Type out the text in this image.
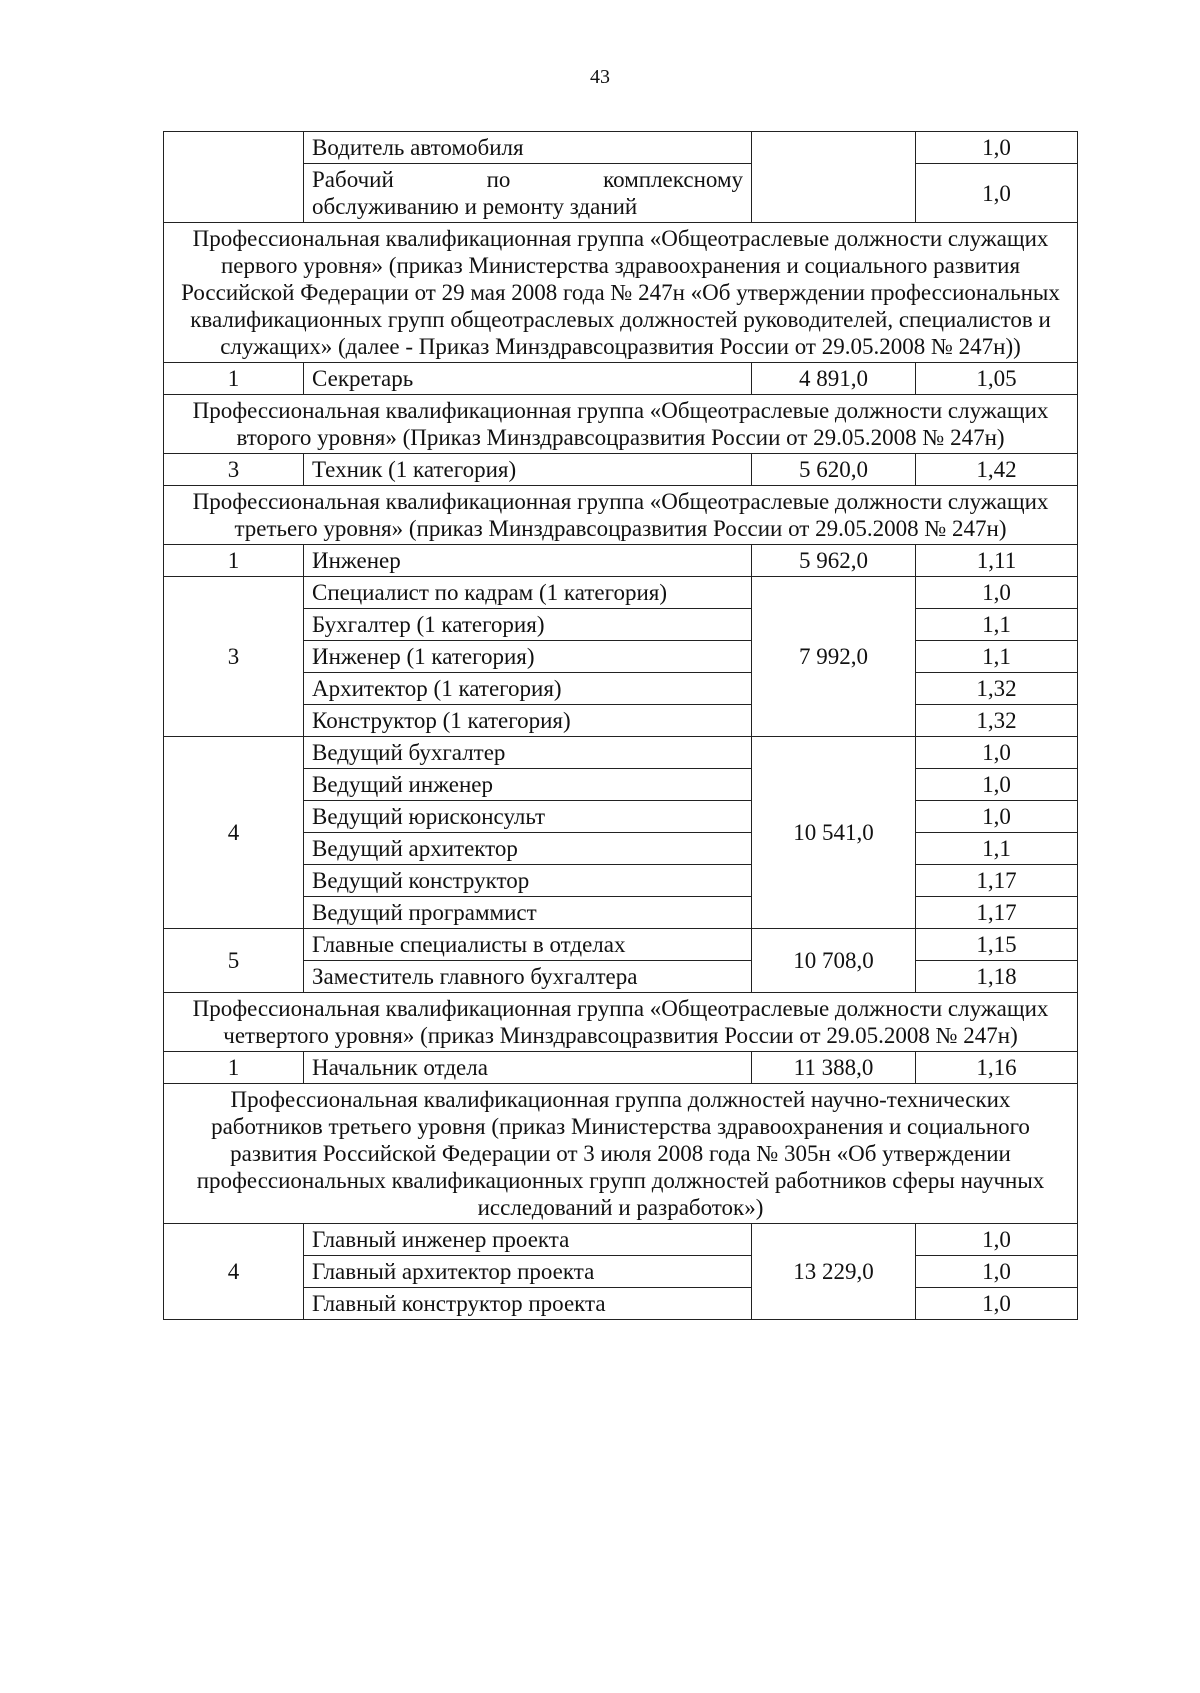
43
	Водитель автомобиля		1,0

	Рабочий по комплексному
обслуживанию и ремонту зданий		1,0
Профессиональная квалификационная группа «Общеотраслевые должности служащих первого уровня» (приказ Министерства здравоохранения и социального развития Российской Федерации от 29 мая 2008 года № 247н «Об утверждении профессиональных квалификационных групп общеотраслевых должностей руководителей, специалистов и служащих» (далее - Приказ Минздравсоцразвития России от 29.05.2008 № 247н))			
1	Секретарь	4 891,0	1,05
Профессиональная квалификационная группа «Общеотраслевые должности служащих второго уровня» (Приказ Минздравсоцразвития России от 29.05.2008 № 247н)			
3	Техник (1 категория)	5 620,0	1,42
Профессиональная квалификационная группа «Общеотраслевые должности служащих третьего уровня» (приказ Минздравсоцразвития России от 29.05.2008 № 247н)			
1	Инженер	5 962,0	1,11
3	Специалист по кадрам (1 категория)	7 992,0	1,0
	Бухгалтер (1 категория)		1,1
	Инженер (1 категория)		1,1
	Архитектор (1 категория)		1,32
	Конструктор (1 категория)		1,32
4	Ведущий бухгалтер	10 541,0	1,0
	Ведущий инженер		1,0
	Ведущий юрисконсульт		1,0
	Ведущий архитектор		1,1
	Ведущий конструктор		1,17
	Ведущий программист		1,17
5	Главные специалисты в отделах	10 708,0	1,15
	Заместитель главного бухгалтера		1,18
Профессиональная квалификационная группа «Общеотраслевые должности служащих четвертого уровня» (приказ Минздравсоцразвития России от 29.05.2008 № 247н)			
1	Начальник отдела	11 388,0	1,16
Профессиональная квалификационная группа должностей научно-технических работников третьего уровня (приказ Министерства здравоохранения и социального развития Российской Федерации от 3 июля 2008 года № 305н «Об утверждении профессиональных квалификационных групп должностей работников сферы научных исследований и разработок»)			
4	Главный инженер проекта	13 229,0	1,0
	Главный архитектор проекта		1,0
	Главный конструктор проекта		1,0
